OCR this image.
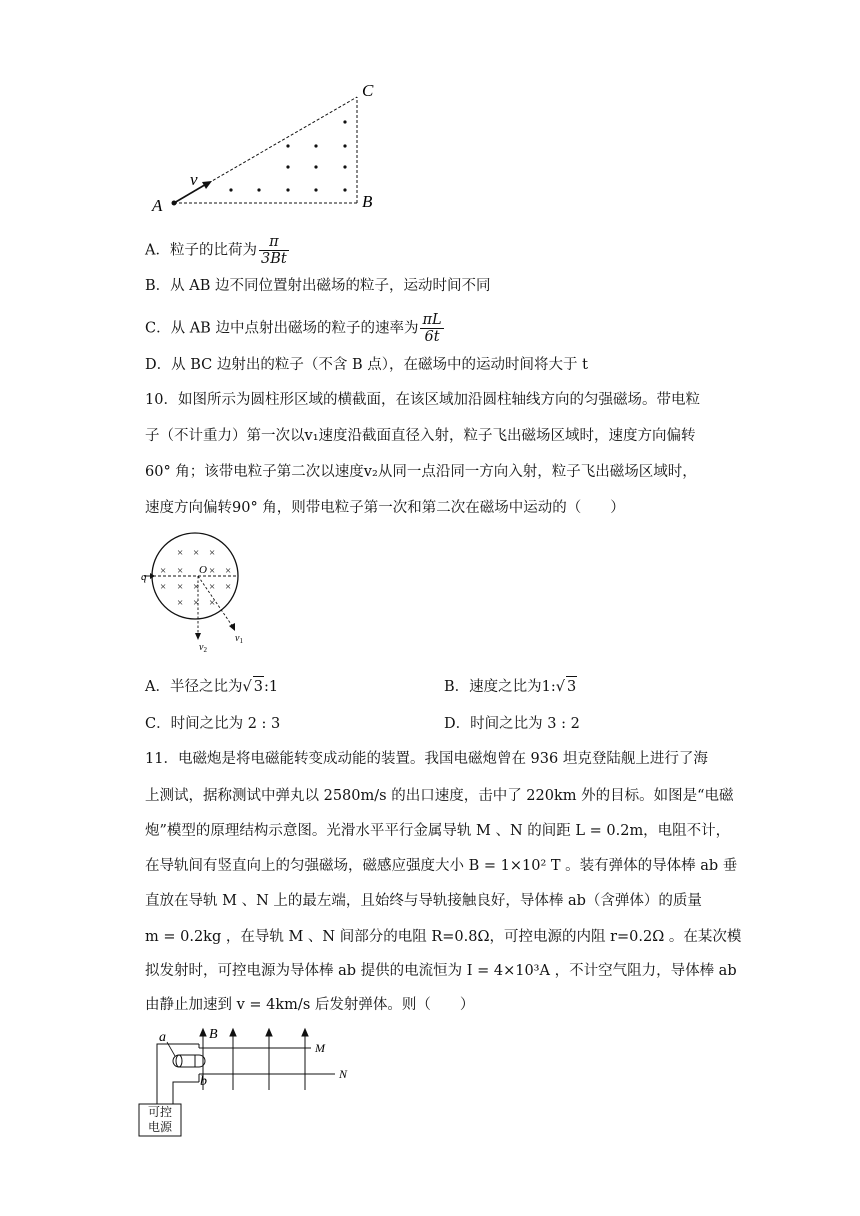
A	B
C
v
A．粒子的比荷为 $\frac{\pi}{3Bt}$
B．从 AB 边不同位置射出磁场的粒子，运动时间不同
C．从 AB 边中点射出磁场的粒子的速率为 $\frac{\pi L}{6t}$
D．从 BC 边射出的粒子（不含 B 点），在磁场中的运动时间将大于 t
10．如图所示为圆柱形区域的横截面，在该区域加沿圆柱轴线方向的匀强磁场。带电粒
子（不计重力）第一次以v₁速度沿截面直径入射，粒子飞出磁场区域时，速度方向偏转
60° 角；该带电粒子第二次以速度v₂从同一点沿同一方向入射，粒子飞出磁场区域时，
速度方向偏转90° 角，则带电粒子第一次和第二次在磁场中运动的（　　）
× × ×
× × × ×
× × × × ×
× × ×
O
q
$v_2$
$v_1$
A．半径之比为√ 3:1	B．速度之比为1:√ 3
C．时间之比为 2 : 3	D．时间之比为 3 : 2
11．电磁炮是将电磁能转变成动能的装置。我国电磁炮曾在 936 坦克登陆舰上进行了海
上测试，据称测试中弹丸以 2580m/s 的出口速度，击中了 220km 外的目标。如图是“电磁
炮”模型的原理结构示意图。光滑水平平行金属导轨 M 、N 的间距 L = 0.2m，电阻不计，
在导轨间有竖直向上的匀强磁场，磁感应强度大小 B = 1×10² T 。装有弹体的导体棒 ab 垂
直放在导轨 M 、N 上的最左端，且始终与导轨接触良好，导体棒 ab（含弹体）的质量
m = 0.2kg ，在导轨 M 、N 间部分的电阻 R=0.8Ω，可控电源的内阻 r=0.2Ω 。在某次模
拟发射时，可控电源为导体棒 ab 提供的电流恒为 I = 4×10³A ，不计空气阻力，导体棒 ab
由静止加速到 v = 4km/s 后发射弹体。则（　　）
a
b
B
M
N
可控
电源
